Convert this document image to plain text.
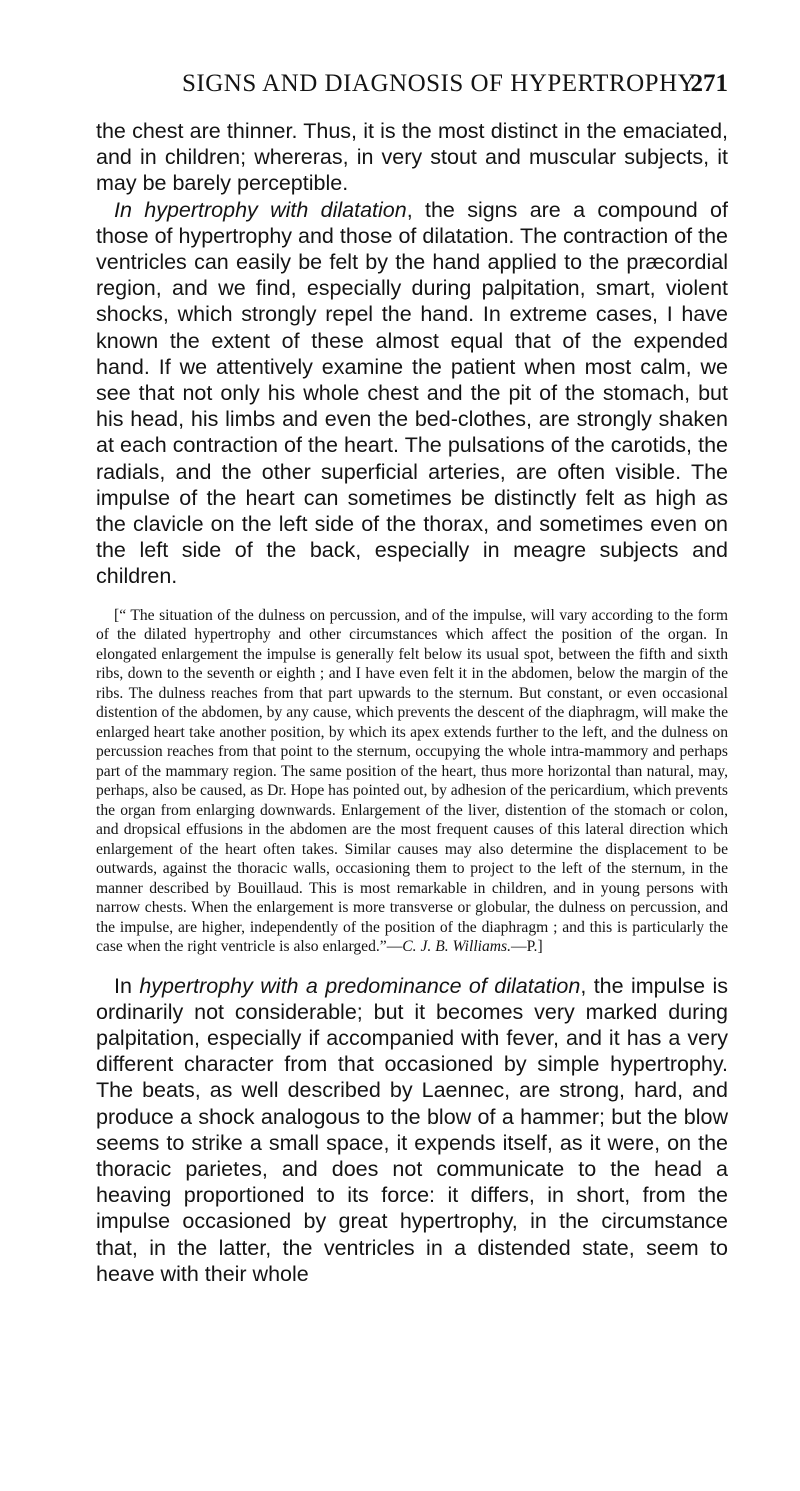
SIGNS AND DIAGNOSIS OF HYPERTROPHY.
271

the chest are thinner. Thus, it is the most distinct in the emaciated, and in children; whereras, in very stout and muscular subjects, it may be barely perceptible.

In hypertrophy with dilatation, the signs are a compound of those of hypertrophy and those of dilatation. The contraction of the ventricles can easily be felt by the hand applied to the præcordial region, and we find, especially during palpitation, smart, violent shocks, which strongly repel the hand. In extreme cases, I have known the extent of these almost equal that of the expended hand. If we attentively examine the patient when most calm, we see that not only his whole chest and the pit of the stomach, but his head, his limbs and even the bed-clothes, are strongly shaken at each contraction of the heart. The pulsations of the carotids, the radials, and the other superficial arteries, are often visible. The impulse of the heart can sometimes be distinctly felt as high as the clavicle on the left side of the thorax, and sometimes even on the left side of the back, especially in meagre subjects and children.

[“ The situation of the dulness on percussion, and of the impulse, will vary according to the form of the dilated hypertrophy and other circumstances which affect the position of the organ. In elongated enlargement the impulse is generally felt below its usual spot, between the fifth and sixth ribs, down to the seventh or eighth ; and I have even felt it in the abdomen, below the margin of the ribs. The dulness reaches from that part upwards to the sternum. But constant, or even occasional distention of the abdomen, by any cause, which prevents the descent of the diaphragm, will make the enlarged heart take another position, by which its apex extends further to the left, and the dulness on percussion reaches from that point to the sternum, occupying the whole intra-mammory and perhaps part of the mammary region. The same position of the heart, thus more horizontal than natural, may, perhaps, also be caused, as Dr. Hope has pointed out, by adhesion of the pericardium, which prevents the organ from enlarging downwards. Enlargement of the liver, distention of the stomach or colon, and dropsical effusions in the abdomen are the most frequent causes of this lateral direction which enlargement of the heart often takes. Similar causes may also determine the displacement to be outwards, against the thoracic walls, occasioning them to project to the left of the sternum, in the manner described by Bouillaud. This is most remarkable in children, and in young persons with narrow chests. When the enlargement is more transverse or globular, the dulness on percussion, and the impulse, are higher, independently of the position of the diaphragm ; and this is particularly the case when the right ventricle is also enlarged.”—C. J. B. Williams.—P.]

In hypertrophy with a predominance of dilatation, the impulse is ordinarily not considerable; but it becomes very marked during palpitation, especially if accompanied with fever, and it has a very different character from that occasioned by simple hypertrophy. The beats, as well described by Laennec, are strong, hard, and produce a shock analogous to the blow of a hammer; but the blow seems to strike a small space, it expends itself, as it were, on the thoracic parietes, and does not communicate to the head a heaving proportioned to its force: it differs, in short, from the impulse occasioned by great hypertrophy, in the circumstance that, in the latter, the ventricles in a distended state, seem to heave with their whole
